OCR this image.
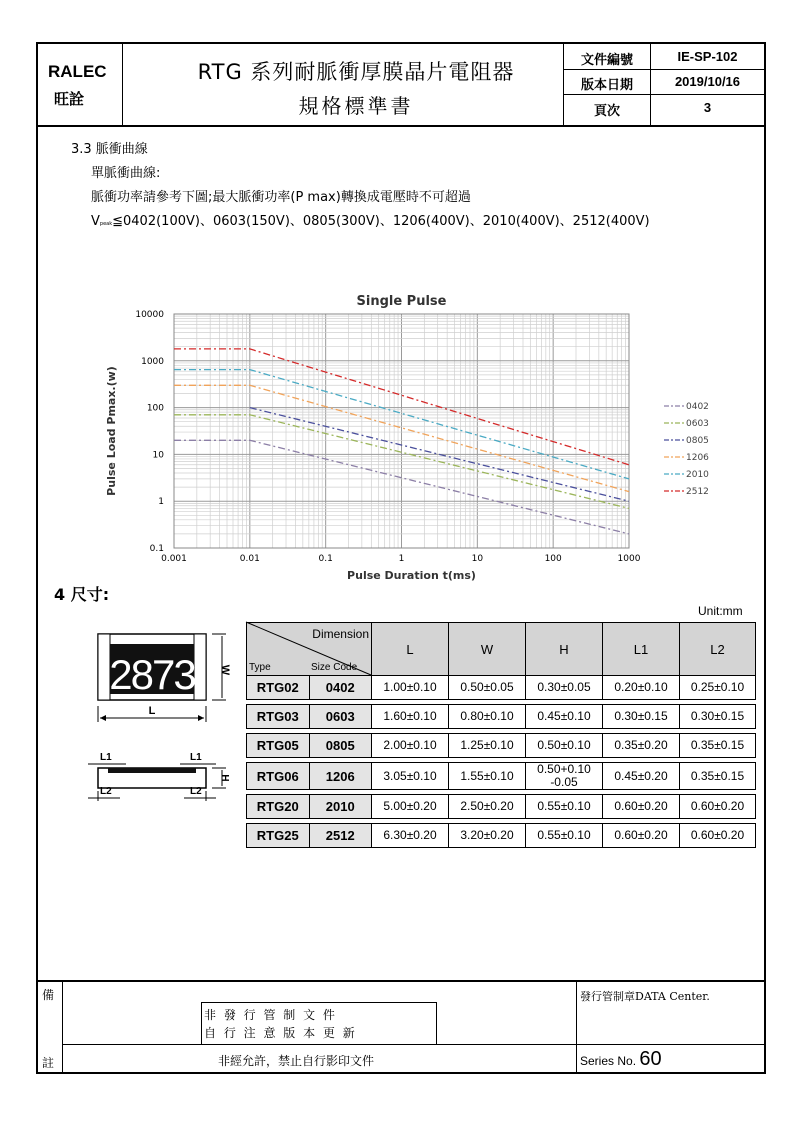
RALEC
旺詮
RTG 系列耐脈衝厚膜晶片電阻器
規格標準書
文件編號	IE-SP-102
版本日期	2019/10/16
頁次	3
3.3 脈衝曲線
單脈衝曲線:
脈衝功率請參考下圖;最大脈衝功率(P max)轉換成電壓時不可超過
Vpeak≦0402(100V)、0603(150V)、0805(300V)、1206(400V)、2010(400V)、2512(400V)
0.001	0.01	0.1	1	10	100	1000
0.1
1
10
100
1000
10000
Single Pulse
Pulse Duration t(ms)
Pulse Load Pmax.(w)	0402
0603
0805
1206
2010
2512
4 尺寸:
Unit:mm
2873 W
L
L1	L1
L2	L2
H
Type	Dimension
Size Code	L	W	H	L1	L2
RTG02	0402	1.00±0.10	0.50±0.05	0.30±0.05	0.20±0.10	0.25±0.10

RTG03	0603	1.60±0.10	0.80±0.10	0.45±0.10	0.30±0.15	0.30±0.15

RTG05	0805	2.00±0.10	1.25±0.10	0.50±0.10	0.35±0.20	0.35±0.15

RTG06	1206	3.05±0.10	1.55±0.10	0.50+0.10
-0.05	0.45±0.20	0.35±0.15

RTG20	2010	5.00±0.20	2.50±0.20	0.55±0.10	0.60±0.20	0.60±0.20

RTG25	2512	6.30±0.20	3.20±0.20	0.55±0.10	0.60±0.20	0.60±0.20
備
註
非 發 行 管 制 文 件
自 行 注 意 版 本 更 新
非經允許，禁止自行影印文件
發行管制章DATA Center.
Series No. 60
